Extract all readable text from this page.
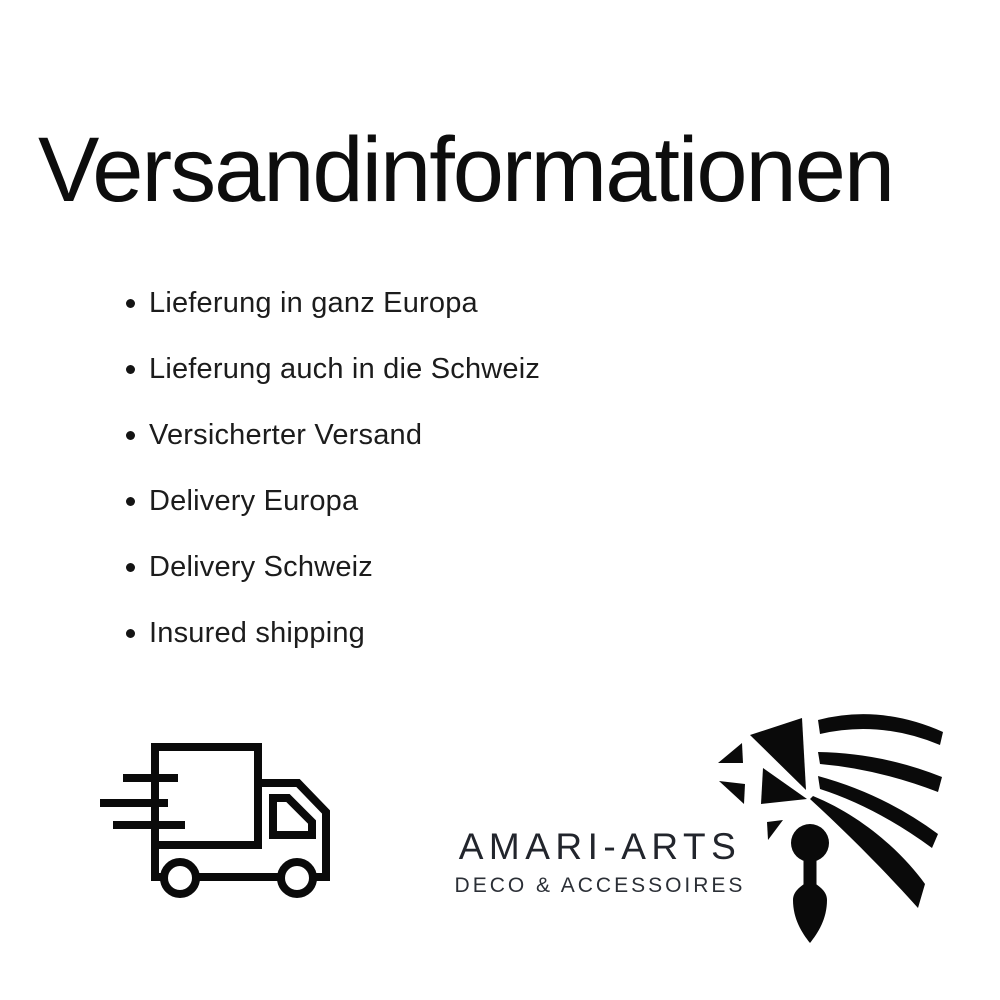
Versandinformationen
Lieferung in ganz Europa
Lieferung auch in die Schweiz
Versicherter Versand
Delivery Europa
Delivery Schweiz
Insured shipping
AMARI-ARTS
DECO & ACCESSOIRES
